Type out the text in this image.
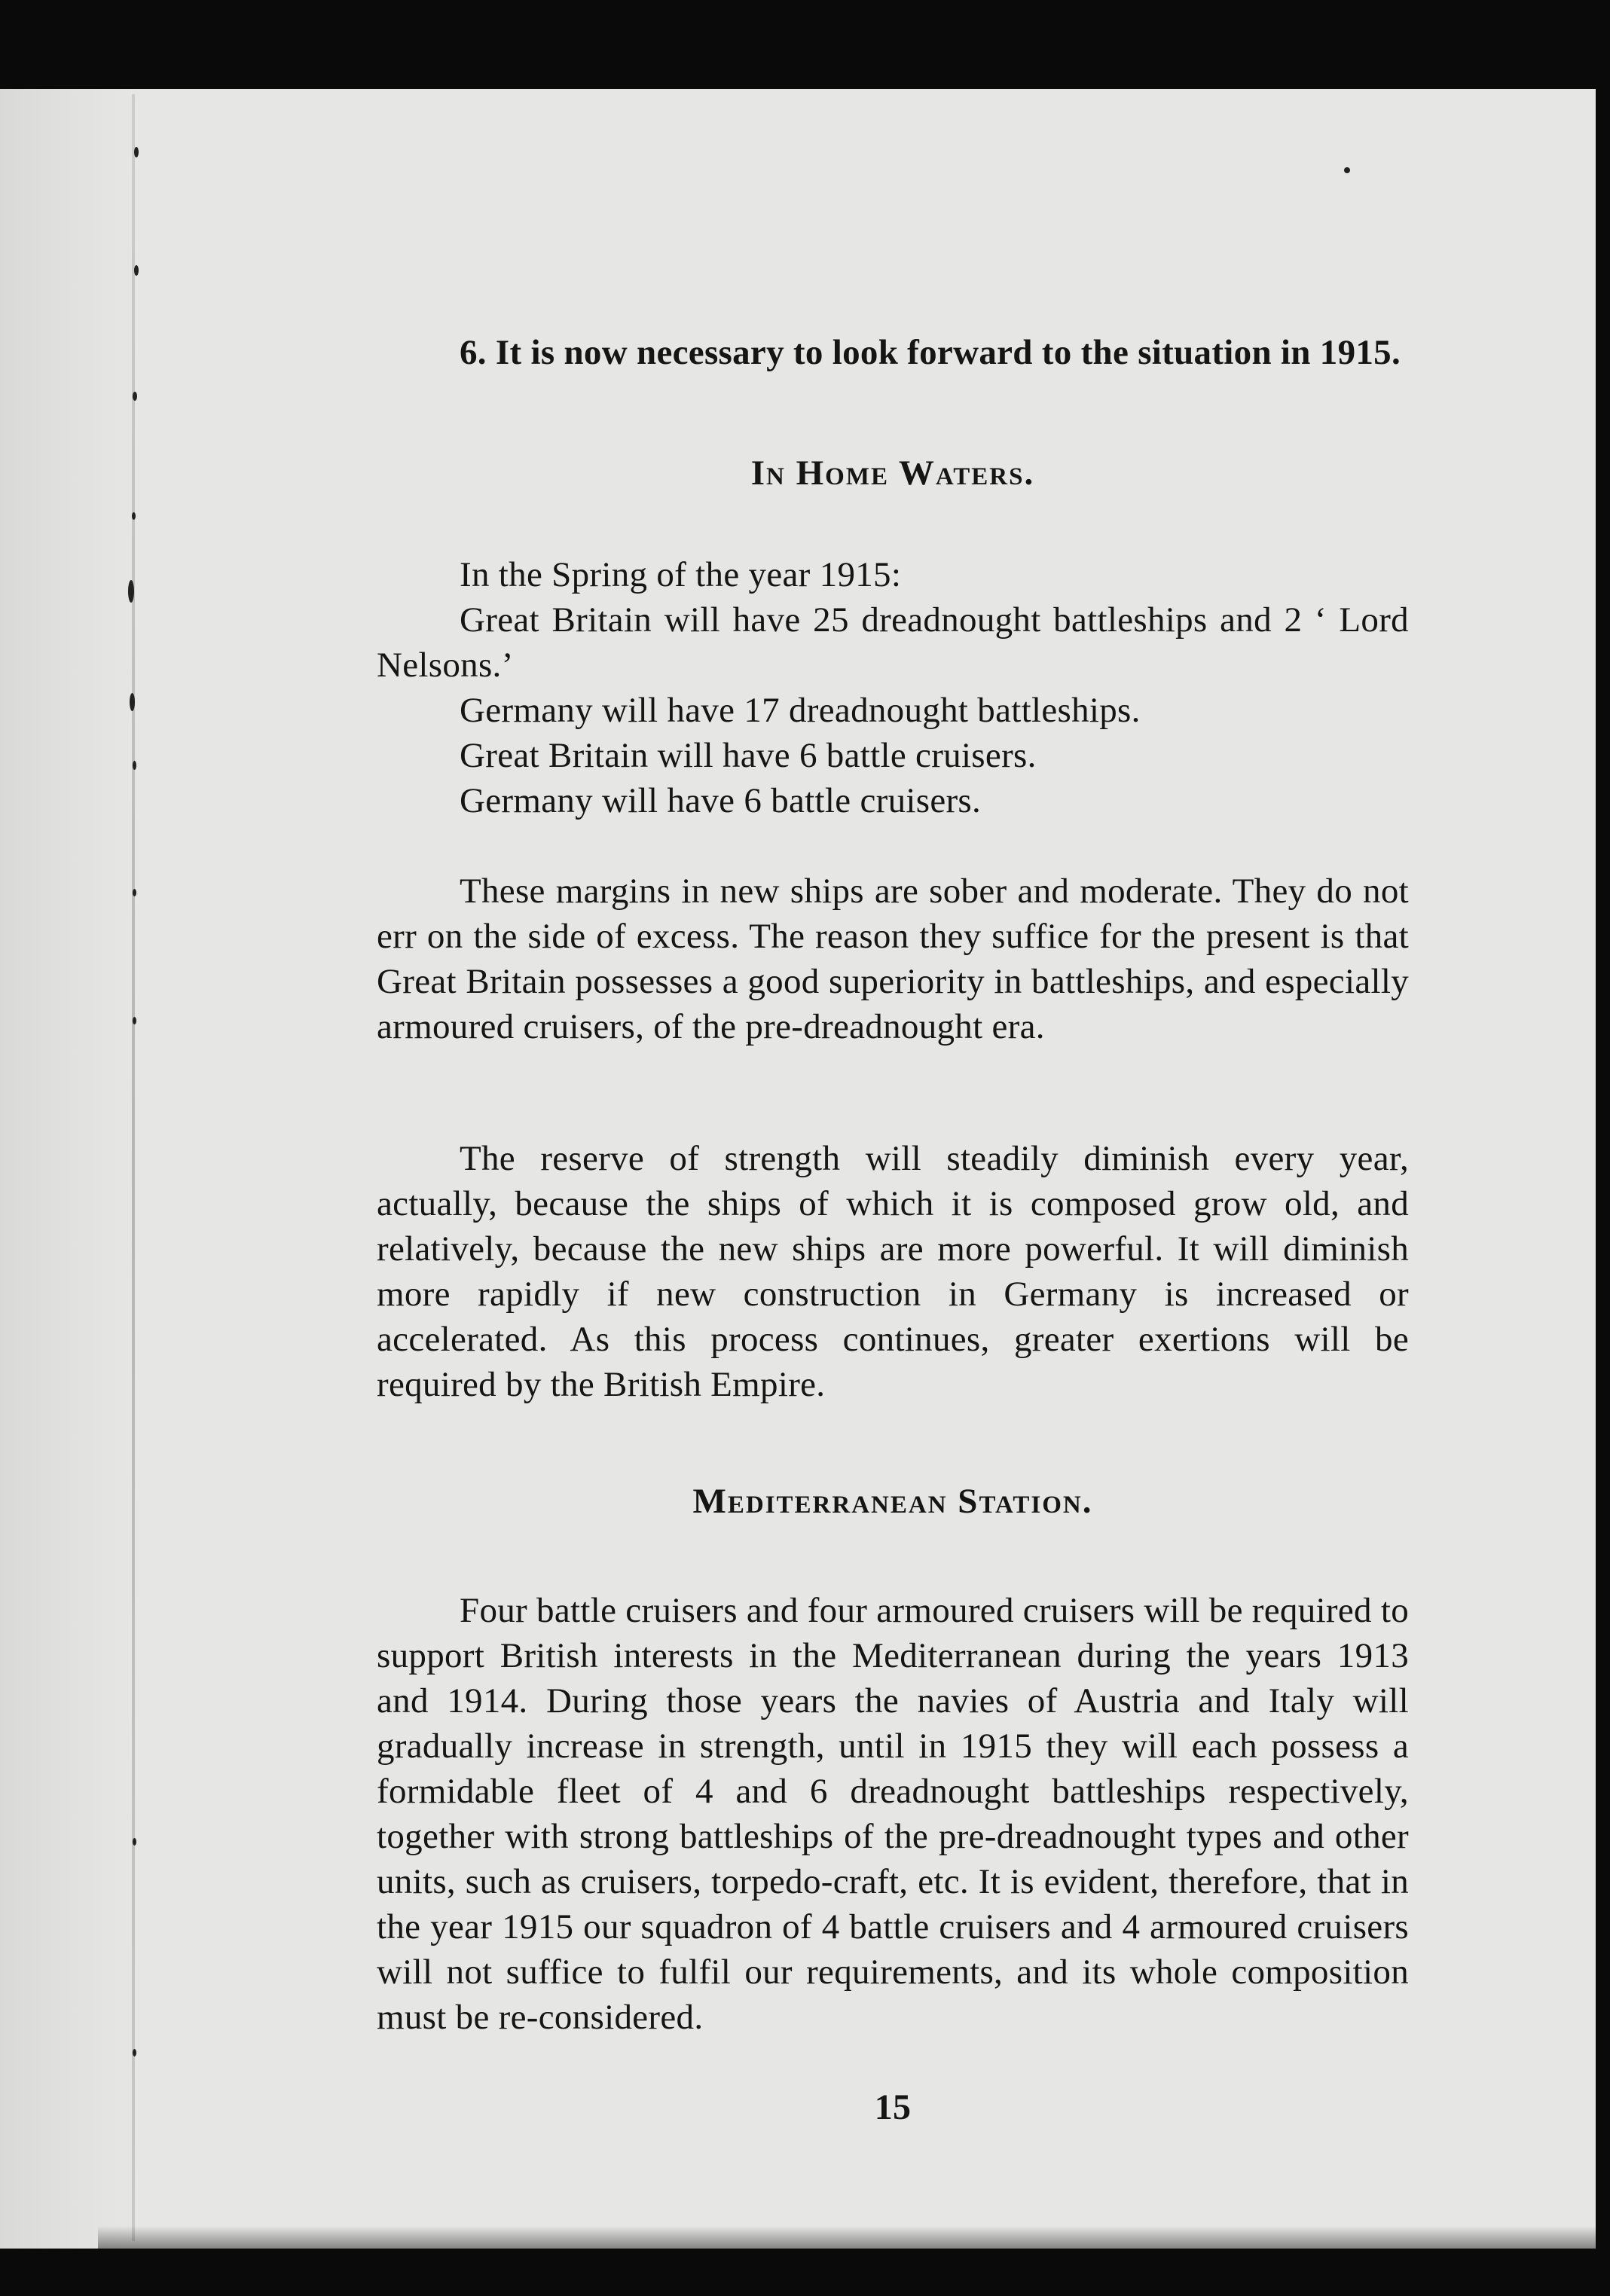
6. It is now necessary to look forward to the situation in 1915.

In Home Waters.
In the Spring of the year 1915:

Great Britain will have 25 dreadnought battleships and 2 ‘ Lord Nelsons.’

Germany will have 17 dreadnought battleships.
Great Britain will have 6 battle cruisers.
Germany will have 6 battle cruisers.

These margins in new ships are sober and moderate. They do not err on the side of excess. The reason they suffice for the present is that Great Britain possesses a good superiority in battleships, and especially armoured cruisers, of the pre-dreadnought era.

The reserve of strength will steadily diminish every year, actually, because the ships of which it is composed grow old, and relatively, because the new ships are more powerful. It will diminish more rapidly if new construction in Germany is increased or accelerated. As this process continues, greater exertions will be required by the British Empire.

Mediterranean Station.

Four battle cruisers and four armoured cruisers will be required to support British interests in the Mediterranean during the years 1913 and 1914. During those years the navies of Austria and Italy will gradually increase in strength, until in 1915 they will each possess a formidable fleet of 4 and 6 dreadnought battleships respectively, together with strong battleships of the pre-dreadnought types and other units, such as cruisers, torpedo-craft, etc. It is evident, therefore, that in the year 1915 our squadron of 4 battle cruisers and 4 armoured cruisers will not suffice to fulfil our requirements, and its whole composition must be re-considered.

15
